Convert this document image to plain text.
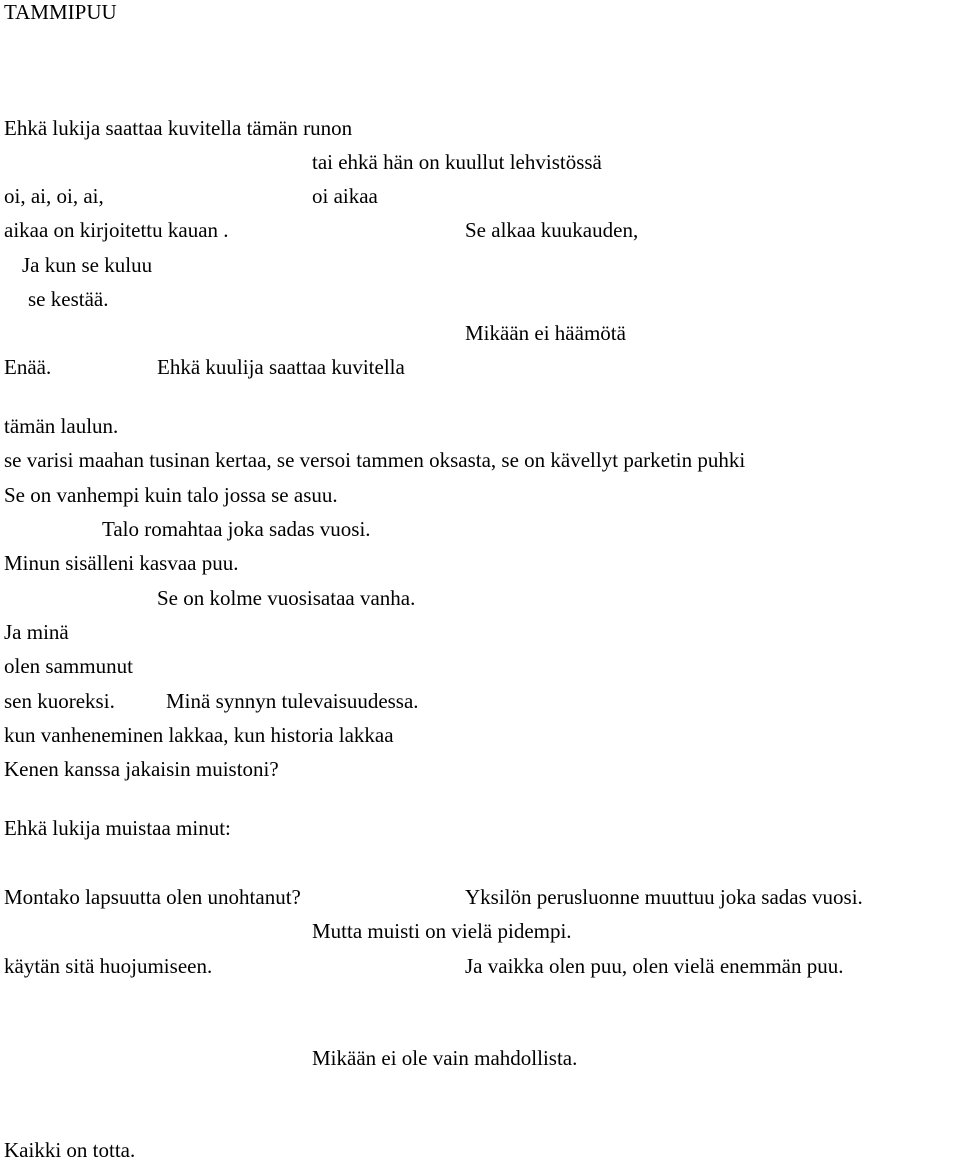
TAMMIPUU
Ehkä lukija saattaa kuvitella tämän runon
tai ehkä hän on kuullut lehvistössä
oi, ai, oi, ai,	oi aikaa
aikaa on kirjoitettu kauan .	Se alkaa kuukauden,
Ja kun se kuluu
se kestää.
Mikään ei häämötä
Enää.	Ehkä kuulija saattaa kuvitella
tämän laulun.
se varisi maahan tusinan kertaa, se versoi tammen oksasta, se on kävellyt parketin puhki
Se on vanhempi kuin talo jossa se asuu.
Talo romahtaa joka sadas vuosi.
Minun sisälleni kasvaa puu.
Se on kolme vuosisataa vanha.
Ja minä
olen sammunut
sen kuoreksi. Minä synnyn tulevaisuudessa.
kun vanheneminen lakkaa, kun historia lakkaa
Kenen kanssa jakaisin muistoni?
Ehkä lukija muistaa minut:
Montako lapsuutta olen unohtanut?	Yksilön perusluonne muuttuu joka sadas vuosi.
Mutta muisti on vielä pidempi.
käytän sitä huojumiseen.	Ja vaikka olen puu, olen vielä enemmän puu.
Mikään ei ole vain mahdollista.
Kaikki on totta.
